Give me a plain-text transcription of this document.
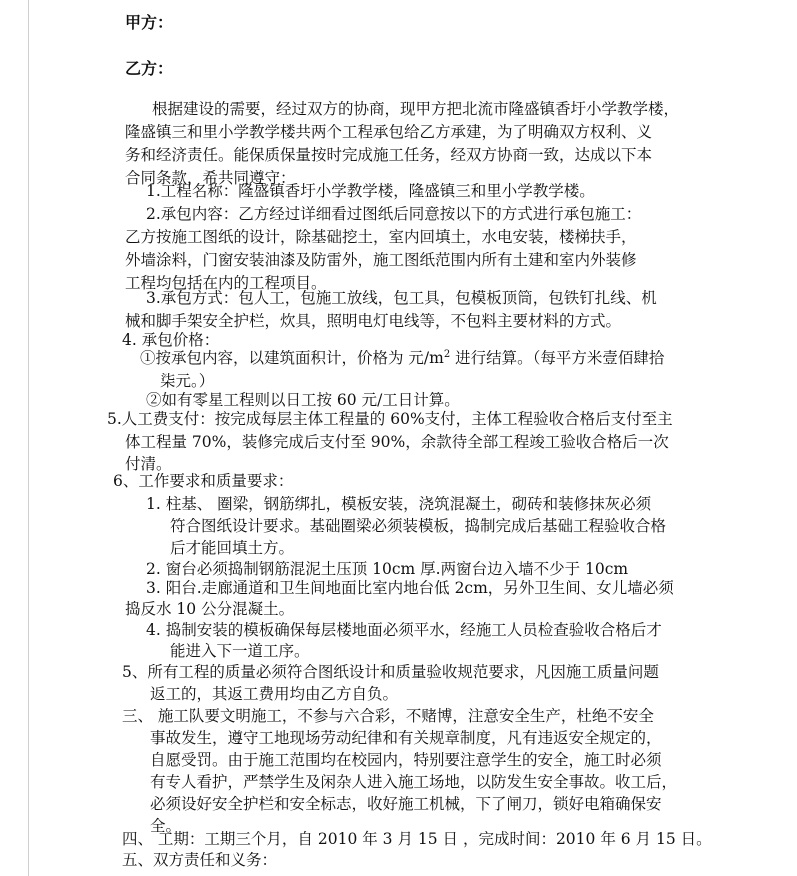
甲方：
乙方：
根据建设的需要，经过双方的协商，现甲方把北流市隆盛镇香圩小学教学楼，
隆盛镇三和里小学教学楼共两个工程承包给乙方承建，为了明确双方权利、义
务和经济责任。能保质保量按时完成施工任务，经双方协商一致，达成以下本
合同条款，希共同遵守：
1.工程名称：隆盛镇香圩小学教学楼，隆盛镇三和里小学教学楼。
2.承包内容：乙方经过详细看过图纸后同意按以下的方式进行承包施工：
乙方按施工图纸的设计，除基础挖土，室内回填土，水电安装，楼梯扶手，
外墙涂料，门窗安装油漆及防雷外，施工图纸范围内所有土建和室内外装修
工程均包括在内的工程项目。
3.承包方式：包人工，包施工放线，包工具，包模板顶筒，包铁钉扎线、机
械和脚手架安全护栏，炊具，照明电灯电线等，不包料主要材料的方式。
4. 承包价格：
①按承包内容，以建筑面积计，价格为 元$/m^2$ 进行结算。（每平方米壹佰肆拾
柒元。）
②如有零星工程则以日工按 60 元/工日计算。
5.人工费支付：按完成每层主体工程量的 60%支付，主体工程验收合格后支付至主
体工程量 70%，装修完成后支付至 90%，余款待全部工程竣工验收合格后一次
付清。
6、工作要求和质量要求：
1. 柱基、 圈梁，钢筋绑扎，模板安装，浇筑混凝土，砌砖和装修抹灰必须
符合图纸设计要求。基础圈梁必须装模板，捣制完成后基础工程验收合格
后才能回填土方。
2. 窗台必须捣制钢筋混泥土压顶 10cm 厚.两窗台边入墙不少于 10cm
3. 阳台.走廊通道和卫生间地面比室内地台低 2cm，另外卫生间、女儿墙必须
捣反水 10 公分混凝土。
4. 捣制安装的模板确保每层楼地面必须平水，经施工人员检查验收合格后才
能进入下一道工序。
5、所有工程的质量必须符合图纸设计和质量验收规范要求，凡因施工质量问题
返工的，其返工费用均由乙方自负。
三、 施工队要文明施工，不参与六合彩，不赌博，注意安全生产，杜绝不安全
事故发生，遵守工地现场劳动纪律和有关规章制度，凡有违返安全规定的，
自愿受罚。由于施工范围均在校园内，特别要注意学生的安全，施工时必须
有专人看护，严禁学生及闲杂人进入施工场地，以防发生安全事故。收工后，
必须设好安全护栏和安全标志，收好施工机械，下了闸刀，锁好电箱确保安
全。
四、 工期：工期三个月，自 2010 年 3 月 15 日 ，完成时间：2010 年 6 月 15 日。
五、双方责任和义务：
